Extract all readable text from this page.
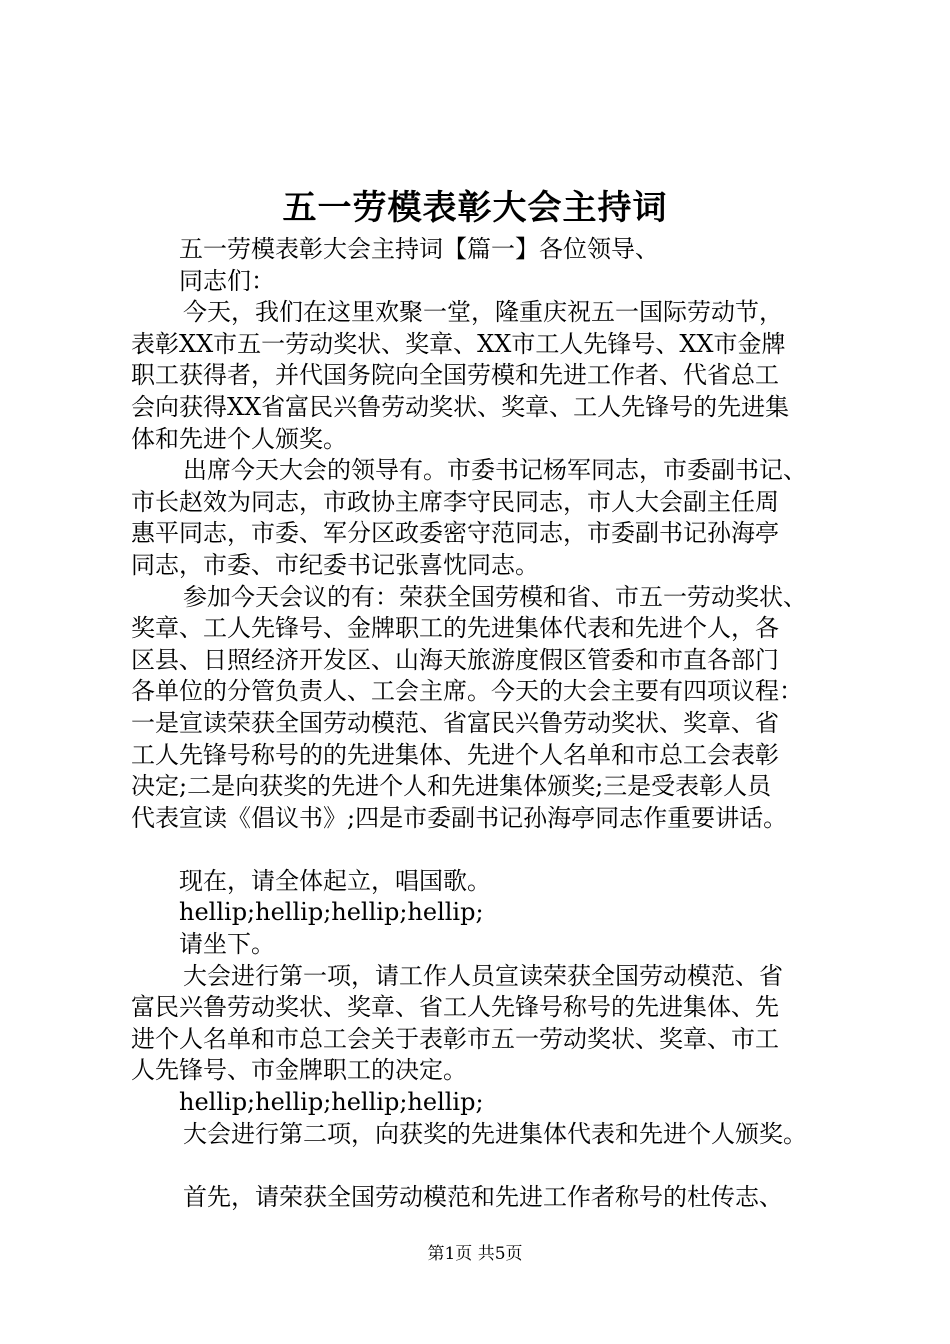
五一劳模表彰大会主持词

五一劳模表彰大会主持词【篇一】各位领导、

同志们：

今天，我们在这里欢聚一堂，隆重庆祝五一国际劳动节，

表彰XX市五一劳动奖状、奖章、XX市工人先锋号、XX市金牌

职工获得者，并代国务院向全国劳模和先进工作者、代省总工

会向获得XX省富民兴鲁劳动奖状、奖章、工人先锋号的先进集

体和先进个人颁奖。

出席今天大会的领导有。市委书记杨军同志，市委副书记、

市长赵效为同志，市政协主席李守民同志，市人大会副主任周

惠平同志，市委、军分区政委密守范同志，市委副书记孙海亭

同志，市委、市纪委书记张喜忱同志。

参加今天会议的有：荣获全国劳模和省、市五一劳动奖状、

奖章、工人先锋号、金牌职工的先进集体代表和先进个人，各

区县、日照经济开发区、山海天旅游度假区管委和市直各部门

各单位的分管负责人、工会主席。今天的大会主要有四项议程：

一是宣读荣获全国劳动模范、省富民兴鲁劳动奖状、奖章、省

工人先锋号称号的的先进集体、先进个人名单和市总工会表彰

决定;二是向获奖的先进个人和先进集体颁奖;三是受表彰人员

代表宣读《倡议书》;四是市委副书记孙海亭同志作重要讲话。

现在，请全体起立，唱国歌。

hellip;hellip;hellip;hellip;

请坐下。

大会进行第一项，请工作人员宣读荣获全国劳动模范、省

富民兴鲁劳动奖状、奖章、省工人先锋号称号的先进集体、先

进个人名单和市总工会关于表彰市五一劳动奖状、奖章、市工

人先锋号、市金牌职工的决定。

hellip;hellip;hellip;hellip;

大会进行第二项，向获奖的先进集体代表和先进个人颁奖。

首先，请荣获全国劳动模范和先进工作者称号的杜传志、

第1页 共5页
